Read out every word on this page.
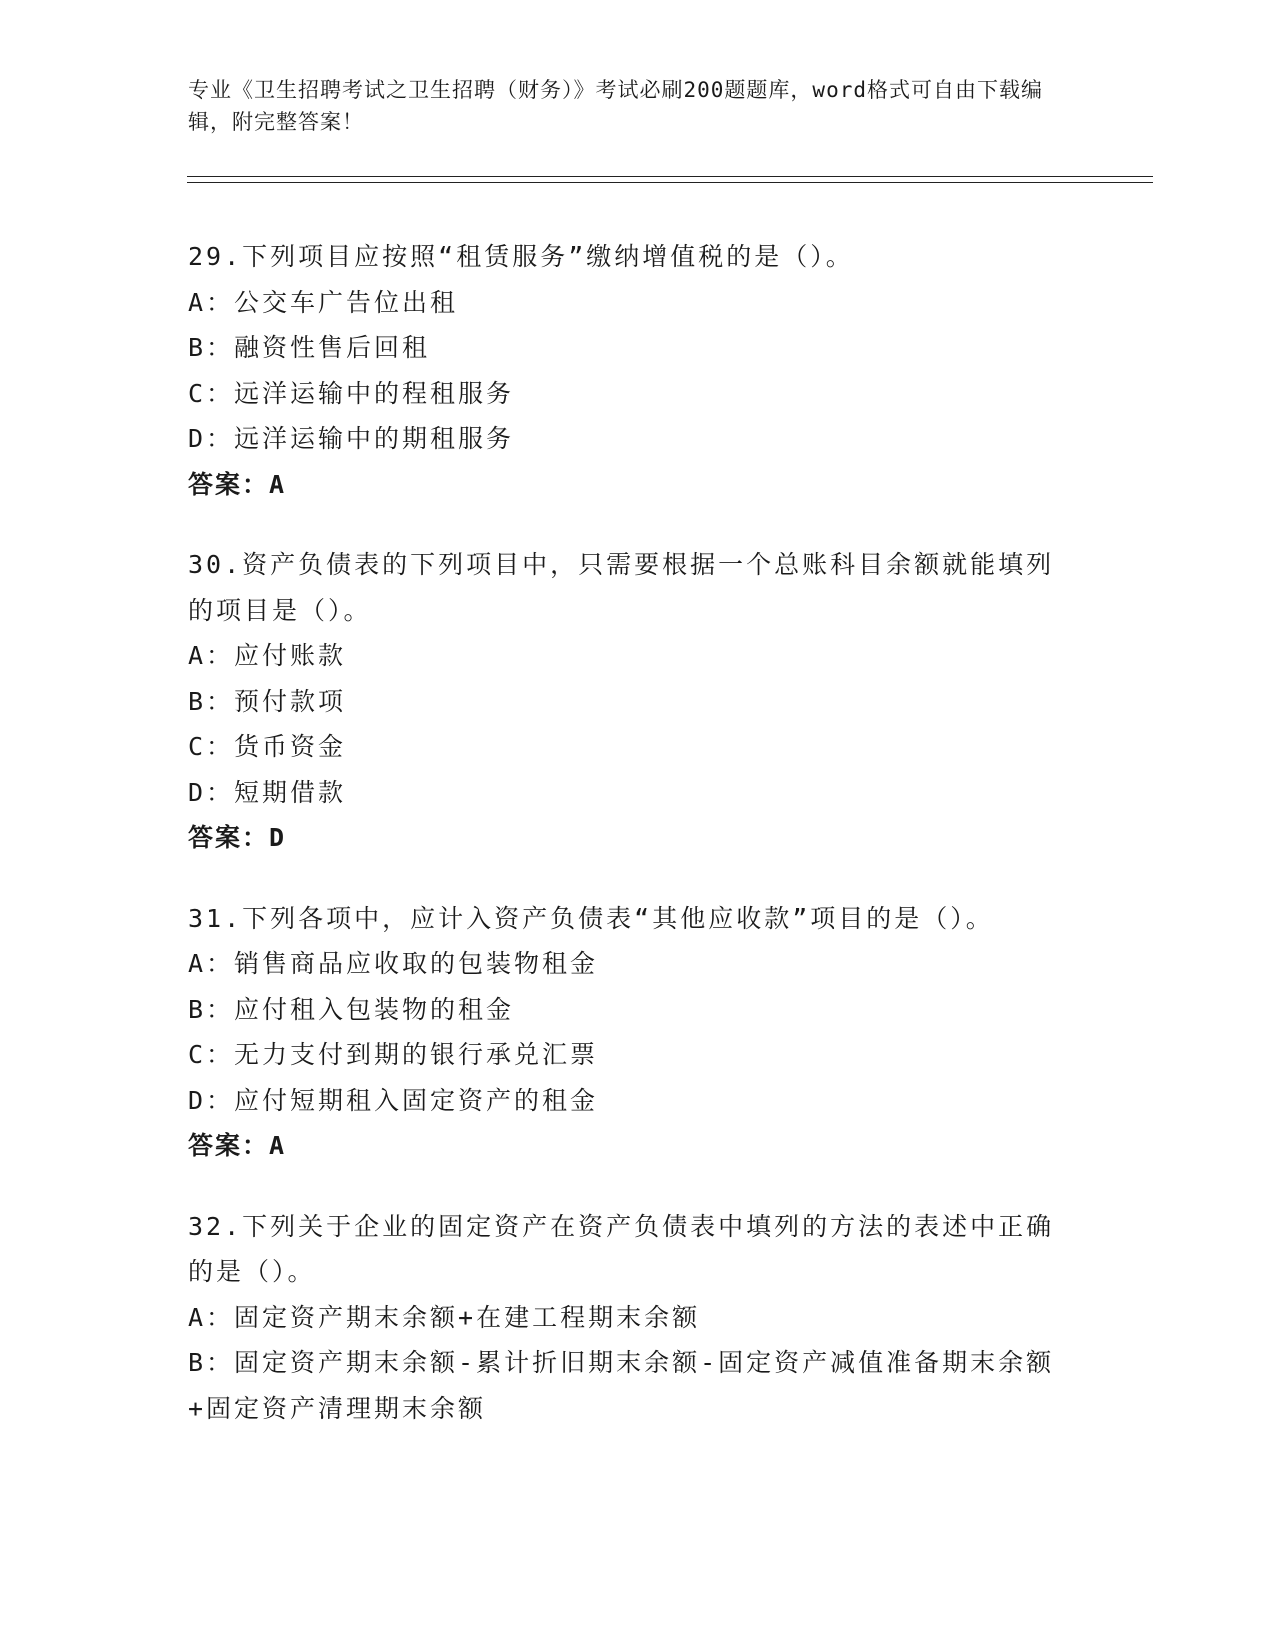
专业《卫生招聘考试之卫生招聘（财务）》考试必刷200题题库，word格式可自由下载编辑，附完整答案！
29.下列项目应按照“租赁服务”缴纳增值税的是（）。
A：公交车广告位出租
B：融资性售后回租
C：远洋运输中的程租服务
D：远洋运输中的期租服务
答案：A
30.资产负债表的下列项目中，只需要根据一个总账科目余额就能填列的项目是（）。
A：应付账款
B：预付款项
C：货币资金
D：短期借款
答案：D
31.下列各项中，应计入资产负债表“其他应收款”项目的是（）。
A：销售商品应收取的包装物租金
B：应付租入包装物的租金
C：无力支付到期的银行承兑汇票
D：应付短期租入固定资产的租金
答案：A
32.下列关于企业的固定资产在资产负债表中填列的方法的表述中正确的是（）。
A：固定资产期末余额+在建工程期末余额
B：固定资产期末余额-累计折旧期末余额-固定资产减值准备期末余额+固定资产清理期末余额
